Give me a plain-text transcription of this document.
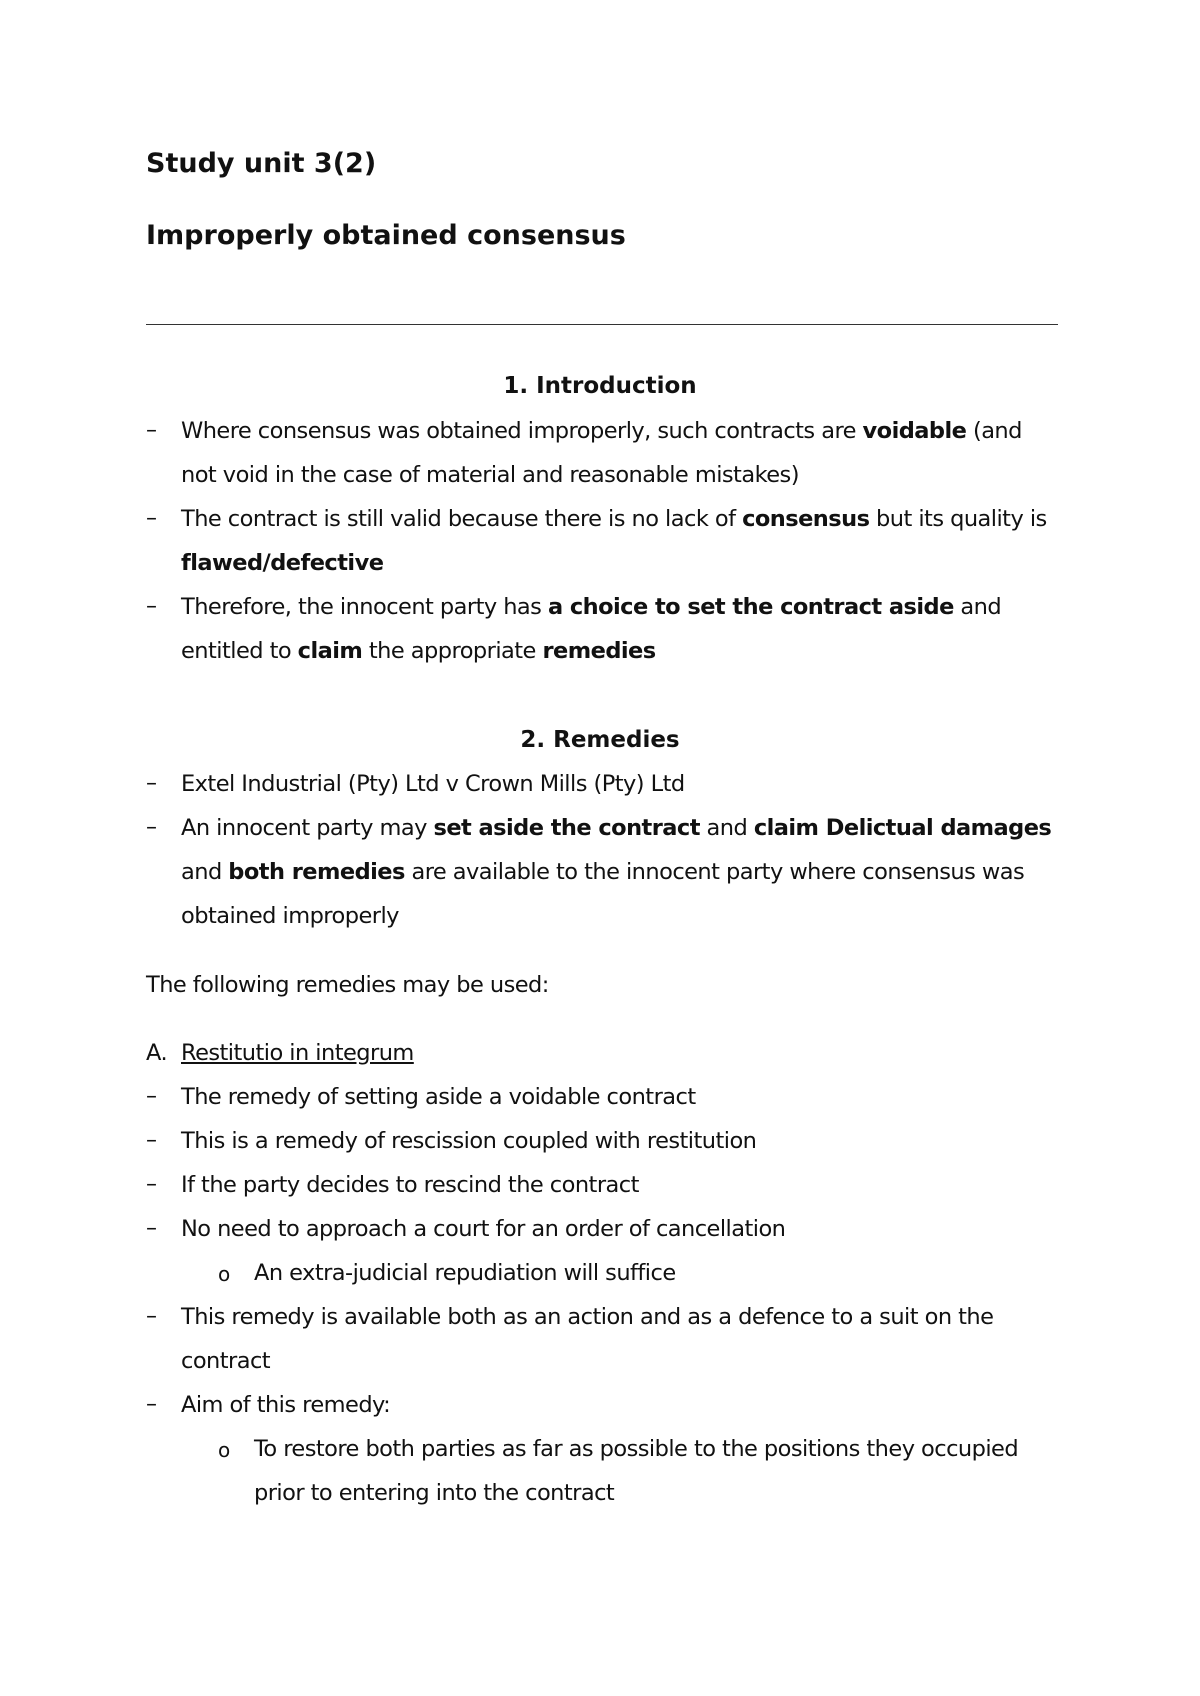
Study unit 3(2)
Improperly obtained consensus
1. Introduction
– Where consensus was obtained improperly, such contracts are voidable (and
not void in the case of material and reasonable mistakes)
– The contract is still valid because there is no lack of consensus but its quality is
flawed/defective
– Therefore, the innocent party has a choice to set the contract aside and
entitled to claim the appropriate remedies
2. Remedies
– Extel Industrial (Pty) Ltd v Crown Mills (Pty) Ltd
– An innocent party may set aside the contract and claim Delictual damages
and both remedies are available to the innocent party where consensus was
obtained improperly
The following remedies may be used:
A. Restitutio in integrum
– The remedy of setting aside a voidable contract
– This is a remedy of rescission coupled with restitution
– If the party decides to rescind the contract
– No need to approach a court for an order of cancellation
o An extra-judicial repudiation will suffice
– This remedy is available both as an action and as a defence to a suit on the
contract
– Aim of this remedy:
o To restore both parties as far as possible to the positions they occupied
prior to entering into the contract
